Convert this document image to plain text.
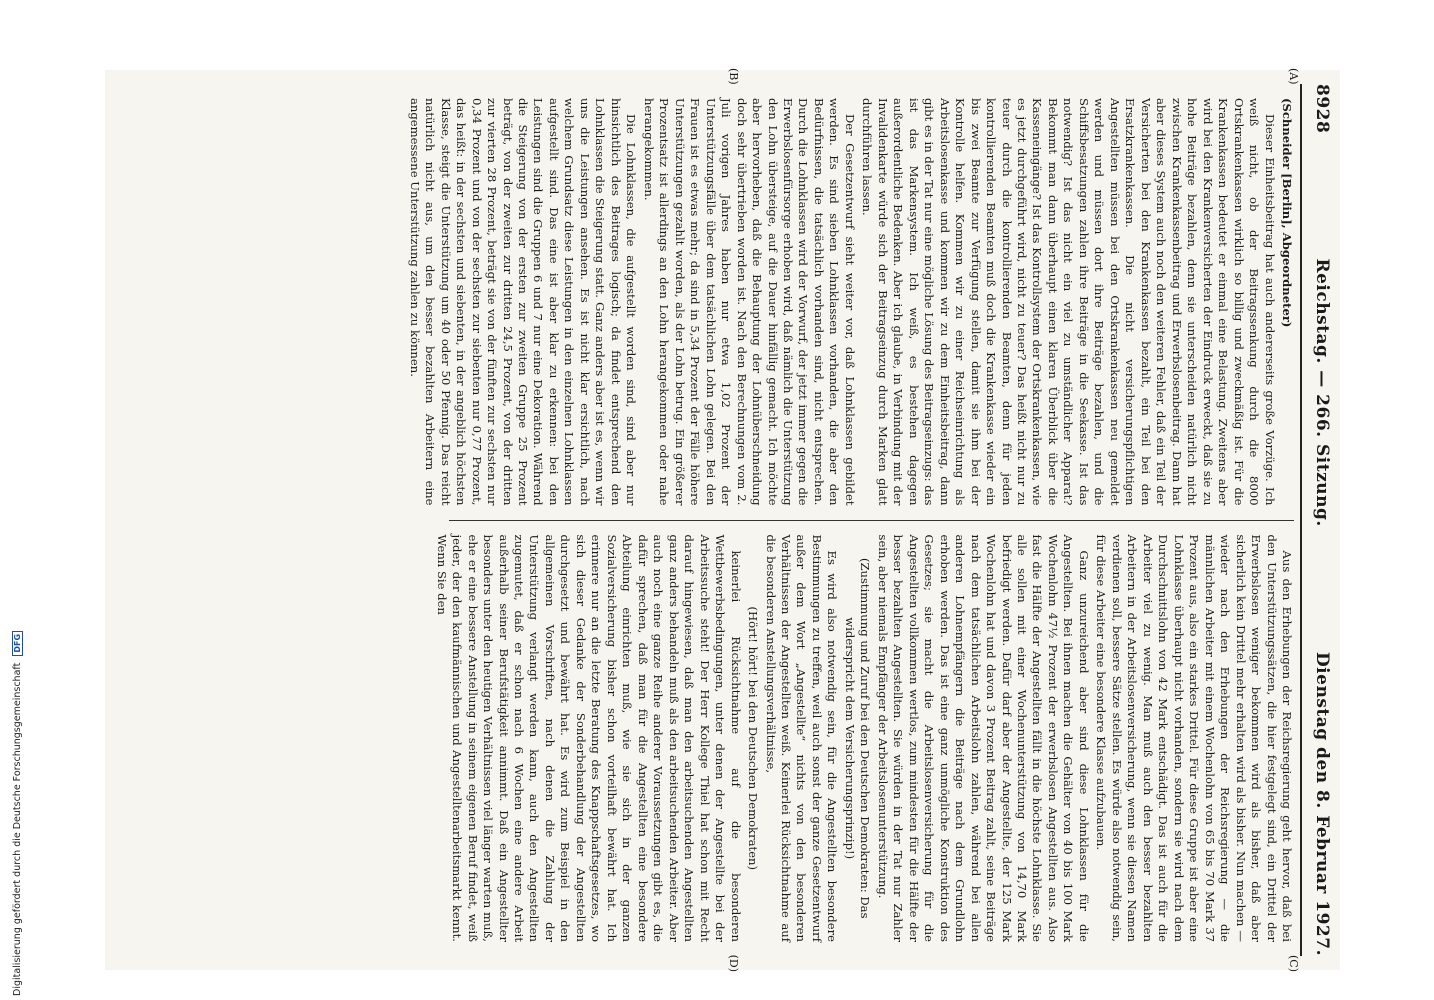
8928
Reichstag. — 266. Sitzung.
Dienstag den 8. Februar 1927.

(Schneider [Berlin], Abgeordneter)

Dieser Einheitsbeitrag hat auch andererseits große Vorzüge. Ich weiß nicht, ob der Beitragssenkung durch die 8000 Ortskrankenkassen wirklich so billig und zweckmäßig ist. Für die Krankenkassen bedeutet er einmal eine Belastung. Zweitens aber wird bei den Krankenversicherten der Eindruck erweckt, daß sie zu hohe Beiträge bezahlen, denn sie unterscheiden natürlich nicht zwischen Krankenkassenbeitrag und Erwerbslosenbeitrag. Dann hat aber dieses System auch noch den weiteren Fehler, daß ein Teil der Versicherten bei den Krankenkassen bezahlt, ein Teil bei den Ersatzkrankenkassen. Die nicht versicherungspflichtigen Angestellten müssen bei den Ortskrankenkassen neu gemeldet werden und müssen dort ihre Beiträge bezahlen, und die Schiffsbesatzungen zahlen ihre Beiträge in die Seekasse. Ist das notwendig? Ist das nicht ein viel zu umständlicher Apparat? Bekommt man dann überhaupt einen klaren Überblick über die Kasseneingänge? Ist das Kontrollsystem der Ortskrankenkassen, wie es jetzt durchgeführt wird, nicht zu teuer? Das heißt nicht nur zu teuer durch die kontrollierenden Beamten, denn für jeden kontrollierenden Beamten muß doch die Krankenkasse wieder ein bis zwei Beamte zur Verfügung stellen, damit sie ihm bei der Kontrolle helfen. Kommen wir zu einer Reichseinrichtung als Arbeitslosenkasse und kommen wir zu dem Einheitsbeitrag, dann gibt es in der Tat nur eine mögliche Lösung des Beitragseinzugs: das ist das Markensystem. Ich weiß, es bestehen dagegen außerordentliche Bedenken. Aber ich glaube, in Verbindung mit der Invalidenkarte würde sich der Beitragseinzug durch Marken glatt durchführen lassen.

Der Gesetzentwurf sieht weiter vor, daß Lohnklassen gebildet werden. Es sind sieben Lohnklassen vorhanden, die aber den Bedürfnissen, die tatsächlich vorhanden sind, nicht entsprechen. Durch die Lohnklassen wird der Vorwurf, der jetzt immer gegen die Erwerbslosenfürsorge erhoben wird, daß nämlich die Unterstützung den Lohn übersteige, auf die Dauer hinfällig gemacht. Ich möchte aber hervorheben, daß die Behauptung der Lohnüberschneidung doch sehr übertrieben worden ist. Nach den Berechnungen vom 2. Juli vorigen Jahres haben nur etwa 1,02 Prozent der Unterstützungsfälle über dem tatsächlichen Lohn gelegen. Bei den Frauen ist es etwas mehr; da sind in 5,34 Prozent der Fälle höhere Unterstützungen gezahlt worden, als der Lohn betrug. Ein größerer Prozentsatz ist allerdings an den Lohn herangekommen oder nahe herangekommen.

Die Lohnklassen, die aufgestellt worden sind, sind aber nur hinsichtlich des Beitrages logisch; da findet entsprechend den Lohnklassen die Steigerung statt. Ganz anders aber ist es, wenn wir uns die Leistungen ansehen. Es ist nicht klar ersichtlich, nach welchem Grundsatz diese Leistungen in den einzelnen Lohnklassen aufgestellt sind. Das eine ist aber klar zu erkennen: bei den Leistungen sind die Gruppen 6 und 7 nur eine Dekoration. Während die Steigerung von der ersten zur zweiten Gruppe 25 Prozent beträgt, von der zweiten zur dritten 24,5 Prozent, von der dritten zur vierten 28 Prozent, beträgt sie von der fünften zur sechsten nur 0,34 Prozent und von der sechsten zur siebenten nur 0,77 Prozent, das heißt: in der sechsten und siebenten, in der angeblich höchsten Klasse, steigt die Unterstützung um 40 oder 50 Pfennig. Das reicht natürlich nicht aus, um den besser bezahlten Arbeitern eine angemessene Unterstützung zahlen zu können.

Aus den Erhebungen der Reichsregierung geht hervor, daß bei den Unterstützungssätzen, die hier festgelegt sind, ein Drittel der Erwerbslosen weniger bekommen wird als bisher, daß aber sicherlich kein Drittel mehr erhalten wird als bisher. Nun machen — wieder nach den Erhebungen der Reichsregierung — die männlichen Arbeiter mit einem Wochenlohn von 65 bis 70 Mark 37 Prozent aus, also ein starkes Drittel. Für diese Gruppe ist aber eine Lohnklasse überhaupt nicht vorhanden, sondern sie wird nach dem Durchschnittslohn von 42 Mark entschädigt. Das ist auch für die Arbeiter viel zu wenig. Man muß auch den besser bezahlten Arbeitern in der Arbeitslosenversicherung, wenn sie diesen Namen verdienen soll, bessere Sätze stellen. Es würde also notwendig sein, für diese Arbeiter eine besondere Klasse aufzubauen.

Ganz unzureichend aber sind diese Lohnklassen für die Angestellten. Bei ihnen machen die Gehälter von 40 bis 100 Mark Wochenlohn 47½ Prozent der erwerbslosen Angestellten aus. Also fast die Hälfte der Angestellten fällt in die höchste Lohnklasse. Sie alle sollen mit einer Wochenunterstützung von 14,70 Mark befriedigt werden. Dafür darf aber der Angestellte, der 125 Mark Wochenlohn hat und davon 3 Prozent Beitrag zahlt, seine Beiträge nach dem tatsächlichen Arbeitslohn zahlen, während bei allen anderen Lohnempfängern die Beiträge nach dem Grundlohn erhoben werden. Das ist eine ganz unmögliche Konstruktion des Gesetzes; sie macht die Arbeitslosenversicherung für die Angestellten vollkommen wertlos, zum mindesten für die Hälfte der besser bezahlten Angestellten. Sie würden in der Tat nur Zahler sein, aber niemals Empfänger der Arbeitslosenunterstützung.

(Zustimmung und Zuruf bei den Deutschen Demokraten: Das widerspricht dem Versicherungsprinzip!)

Es wird also notwendig sein, für die Angestellten besondere Bestimmungen zu treffen, weil auch sonst der ganze Gesetzentwurf außer dem Wort „Angestellte“ nichts von den besonderen Verhältnissen der Angestellten weiß. Keinerlei Rücksichtnahme auf die besonderen Anstellungsverhältnisse,

(Hört! hört! bei den Deutschen Demokraten)

keinerlei Rücksichtnahme auf die besonderen Wettbewerbsbedingungen, unter denen der Angestellte bei der Arbeitssuche steht! Der Herr Kollege Thiel hat schon mit Recht darauf hingewiesen, daß man den arbeitsuchenden Angestellten ganz anders behandeln muß als den arbeitsuchenden Arbeiter. Aber auch noch eine ganze Reihe anderer Voraussetzungen gibt es, die dafür sprechen, daß man für die Angestellten eine besondere Abteilung einrichten muß, wie sie sich in der ganzen Sozialversicherung bisher schon vorteilhaft bewährt hat. Ich erinnere nur an die letzte Beratung des Knappschaftsgesetzes, wo sich dieser Gedanke der Sonderbehandlung der Angestellten durchgesetzt und bewährt hat. Es wird zum Beispiel in den allgemeinen Vorschriften, nach denen die Zahlung der Unterstützung verlangt werden kann, auch den Angestellten zugemutet, daß er schon nach 6 Wochen eine andere Arbeit außerhalb seiner Berufstätigkeit annimmt. Daß ein Angestellter besonders unter den heutigen Verhältnissen viel länger warten muß, ehe er eine bessere Anstellung in seinem eigenen Beruf findet, weiß jeder, der den kaufmännischen und Angestelltenarbeitsmarkt kennt. Wenn Sie den

(A)
(B)
(C)
(D)
Digitalisierung gefördert durch die Deutsche Forschungsgemeinschaft DFG
